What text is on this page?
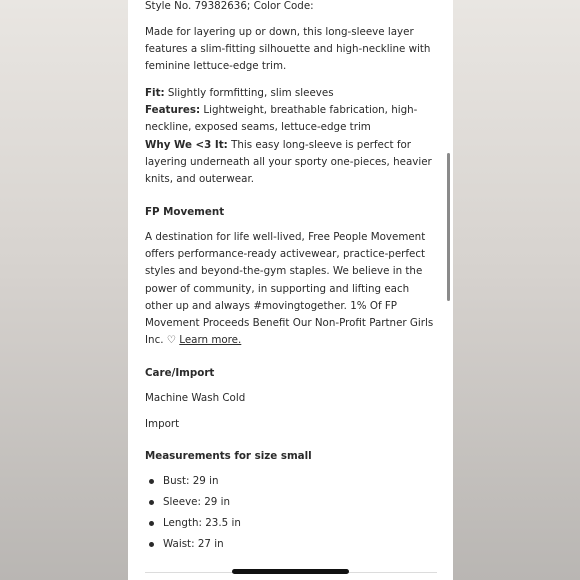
Style No. 79382636; Color Code:

Made for layering up or down, this long-sleeve layer features a slim-fitting silhouette and high-neckline with feminine lettuce-edge trim.

Fit: Slightly formfitting, slim sleeves

Features: Lightweight, breathable fabrication, high-neckline, exposed seams, lettuce-edge trim

Why We <3 It: This easy long-sleeve is perfect for layering underneath all your sporty one-pieces, heavier knits, and outerwear.

FP Movement

A destination for life well-lived, Free People Movement offers performance-ready activewear, practice-perfect styles and beyond-the-gym staples. We believe in the power of community, in supporting and lifting each other up and always #movingtogether. 1% Of FP Movement Proceeds Benefit Our Non-Profit Partner Girls Inc. ♡ Learn more.

Care/Import

Machine Wash Cold

Import

Measurements for size small

Bust: 29 in
Sleeve: 29 in
Length: 23.5 in
Waist: 27 in
